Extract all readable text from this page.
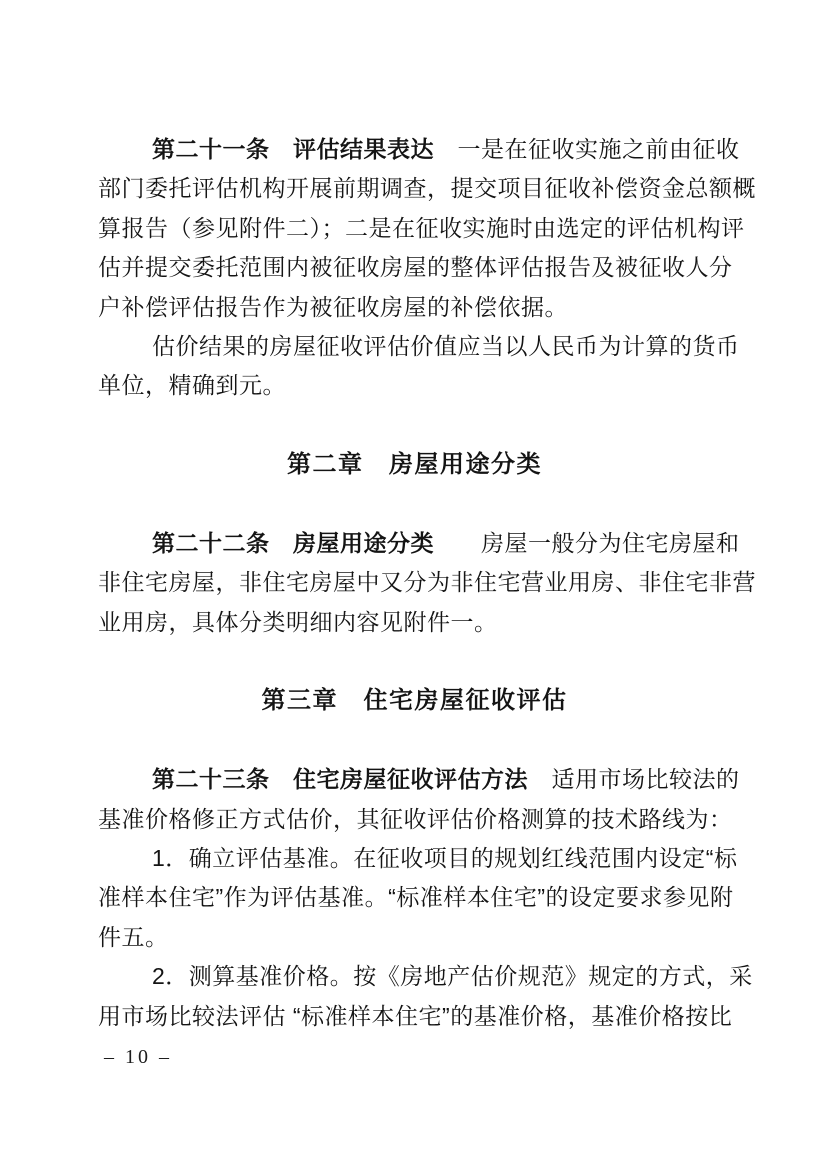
第二十一条　评估结果表达　一是在征收实施之前由征收
部门委托评估机构开展前期调查，提交项目征收补偿资金总额概
算报告（参见附件二）；二是在征收实施时由选定的评估机构评
估并提交委托范围内被征收房屋的整体评估报告及被征收人分
户补偿评估报告作为被征收房屋的补偿依据。
估价结果的房屋征收评估价值应当以人民币为计算的货币
单位，精确到元。
第二章　房屋用途分类
第二十二条　房屋用途分类　　房屋一般分为住宅房屋和
非住宅房屋，非住宅房屋中又分为非住宅营业用房、非住宅非营
业用房，具体分类明细内容见附件一。
第三章　住宅房屋征收评估
第二十三条　住宅房屋征收评估方法　适用市场比较法的
基准价格修正方式估价，其征收评估价格测算的技术路线为：
1．确立评估基准。在征收项目的规划红线范围内设定“标
准样本住宅”作为评估基准。“标准样本住宅”的设定要求参见附
件五。
2．测算基准价格。按《房地产估价规范》规定的方式，采
用市场比较法评估 “标准样本住宅”的基准价格，基准价格按比
– 10 –
